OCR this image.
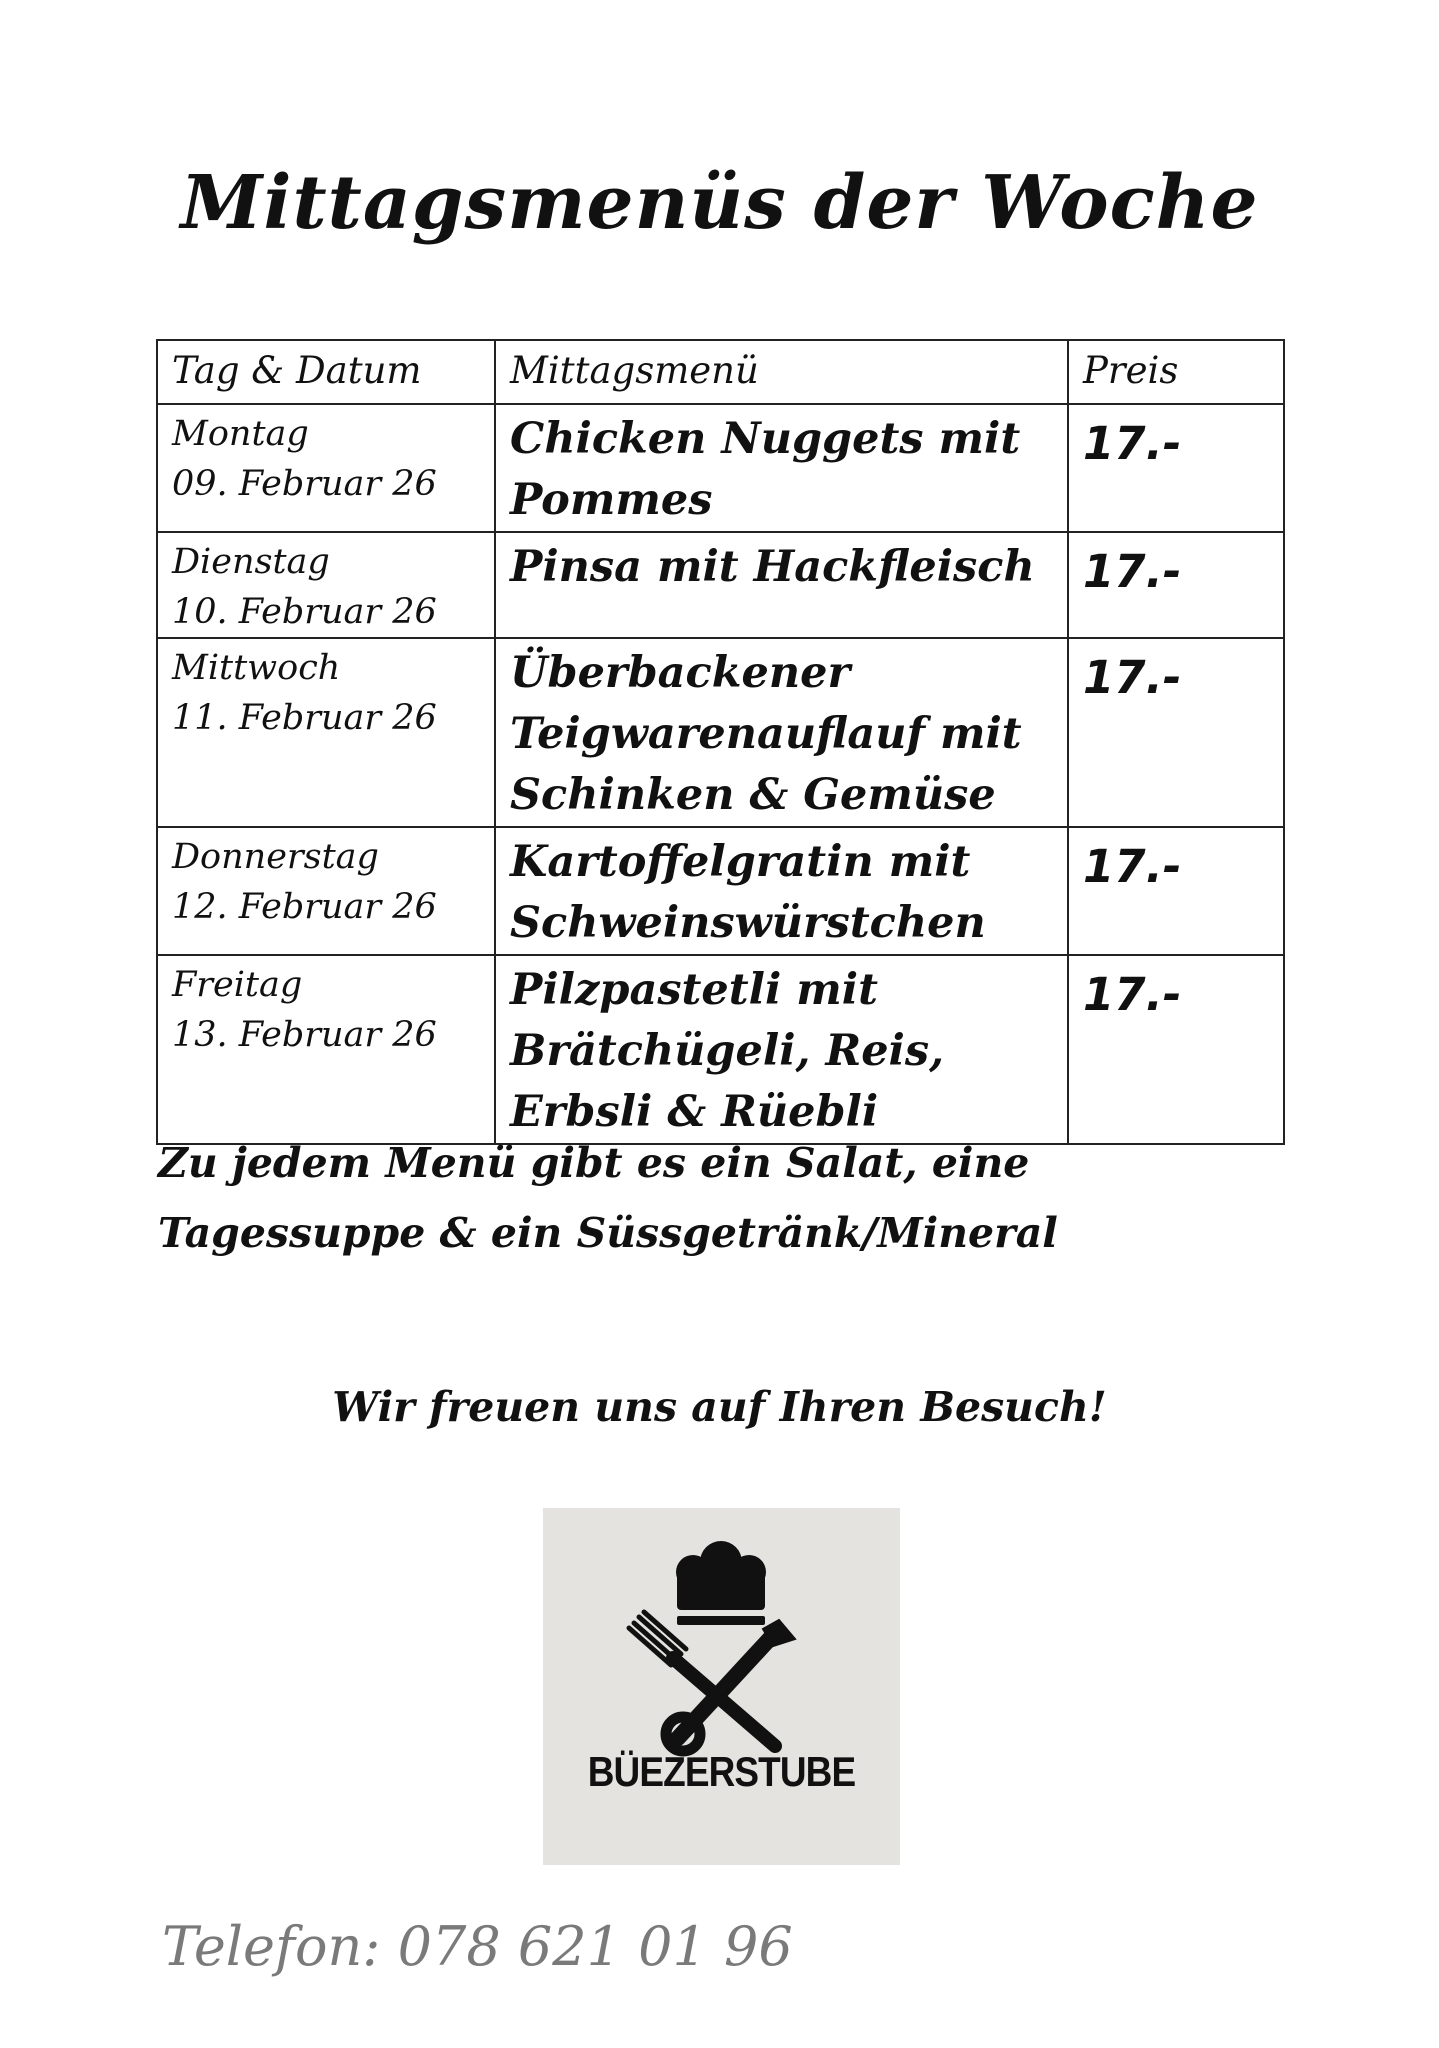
Mittagsmenüs der Woche
Tag & Datum	Mittagsmenü	Preis

Montag
09. Februar 26	Chicken Nuggets mit Pommes	17.-

Dienstag
10. Februar 26	Pinsa mit Hackfleisch	17.-

Mittwoch
11. Februar 26	Überbackener Teigwarenauflauf mit Schinken & Gemüse	17.-

Donnerstag
12. Februar 26	Kartoffelgratin mit Schweinswürstchen	17.-

Freitag
13. Februar 26	Pilzpastetli mit Brätchügeli, Reis, Erbsli & Rüebli	17.-
Zu jedem Menü gibt es ein Salat, eine Tagessuppe & ein Süssgetränk/Mineral
Wir freuen uns auf Ihren Besuch!
BÜEZERSTUBE
Telefon: 078 621 01 96
